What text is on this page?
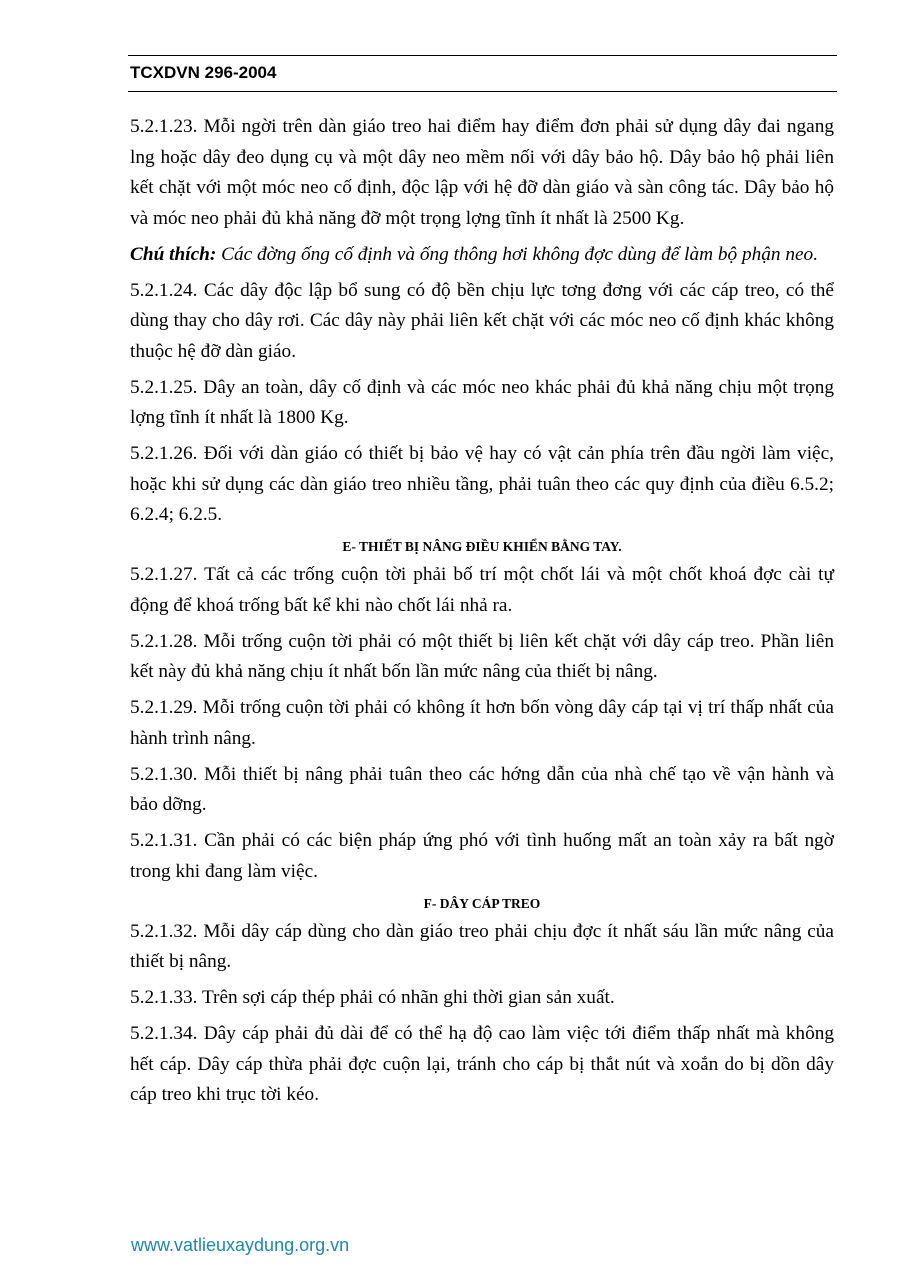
TCXDVN 296-2004

5.2.1.23. Mỗi ngời trên dàn giáo treo hai điểm hay điểm đơn phải sử dụng dây đai ngang lng hoặc dây đeo dụng cụ và một dây neo mềm nối với dây bảo hộ. Dây bảo hộ phải liên kết chặt với một móc neo cố định, độc lập với hệ đỡ dàn giáo và sàn công tác. Dây bảo hộ và móc neo phải đủ khả năng đỡ một trọng lợng tĩnh ít nhất là 2500 Kg.

Chú thích: Các đờng ống cố định và ống thông hơi không đợc dùng để làm bộ phận neo.

5.2.1.24. Các dây độc lập bổ sung có độ bền chịu lực tơng đơng với các cáp treo, có thể dùng thay cho dây rơi. Các dây này phải liên kết chặt với các móc neo cố định khác không thuộc hệ đỡ dàn giáo.

5.2.1.25. Dây an toàn, dây cố định và các móc neo khác phải đủ khả năng chịu một trọng lợng tĩnh ít nhất là 1800 Kg.

5.2.1.26. Đối với dàn giáo có thiết bị bảo vệ hay có vật cản phía trên đầu ngời làm việc, hoặc khi sử dụng các dàn giáo treo nhiều tầng, phải tuân theo các quy định của điều 6.5.2; 6.2.4; 6.2.5.

E- THIẾT BỊ NÂNG ĐIỀU KHIỂN BẰNG TAY.

5.2.1.27. Tất cả các trống cuộn tời phải bố trí một chốt lái và một chốt khoá đợc cài tự động để khoá trống bất kể khi nào chốt lái nhả ra.

5.2.1.28. Mỗi trống cuộn tời phải có một thiết bị liên kết chặt với dây cáp treo. Phần liên kết này đủ khả năng chịu ít nhất bốn lần mức nâng của thiết bị nâng.

5.2.1.29. Mỗi trống cuộn tời phải có không ít hơn bốn vòng dây cáp tại vị trí thấp nhất của hành trình nâng.

5.2.1.30. Mỗi thiết bị nâng phải tuân theo các hớng dẫn của nhà chế tạo về vận hành và bảo dỡng.

5.2.1.31. Cần phải có các biện pháp ứng phó với tình huống mất an toàn xảy ra bất ngờ trong khi đang làm việc.

F- DÂY CÁP TREO

5.2.1.32. Mỗi dây cáp dùng cho dàn giáo treo phải chịu đợc ít nhất sáu lần mức nâng của thiết bị nâng.

5.2.1.33. Trên sợi cáp thép phải có nhãn ghi thời gian sản xuất.

5.2.1.34. Dây cáp phải đủ dài để có thể hạ độ cao làm việc tới điểm thấp nhất mà không hết cáp. Dây cáp thừa phải đợc cuộn lại, tránh cho cáp bị thắt nút và xoắn do bị dồn dây cáp treo khi trục tời kéo.

www.vatlieuxaydung.org.vn
